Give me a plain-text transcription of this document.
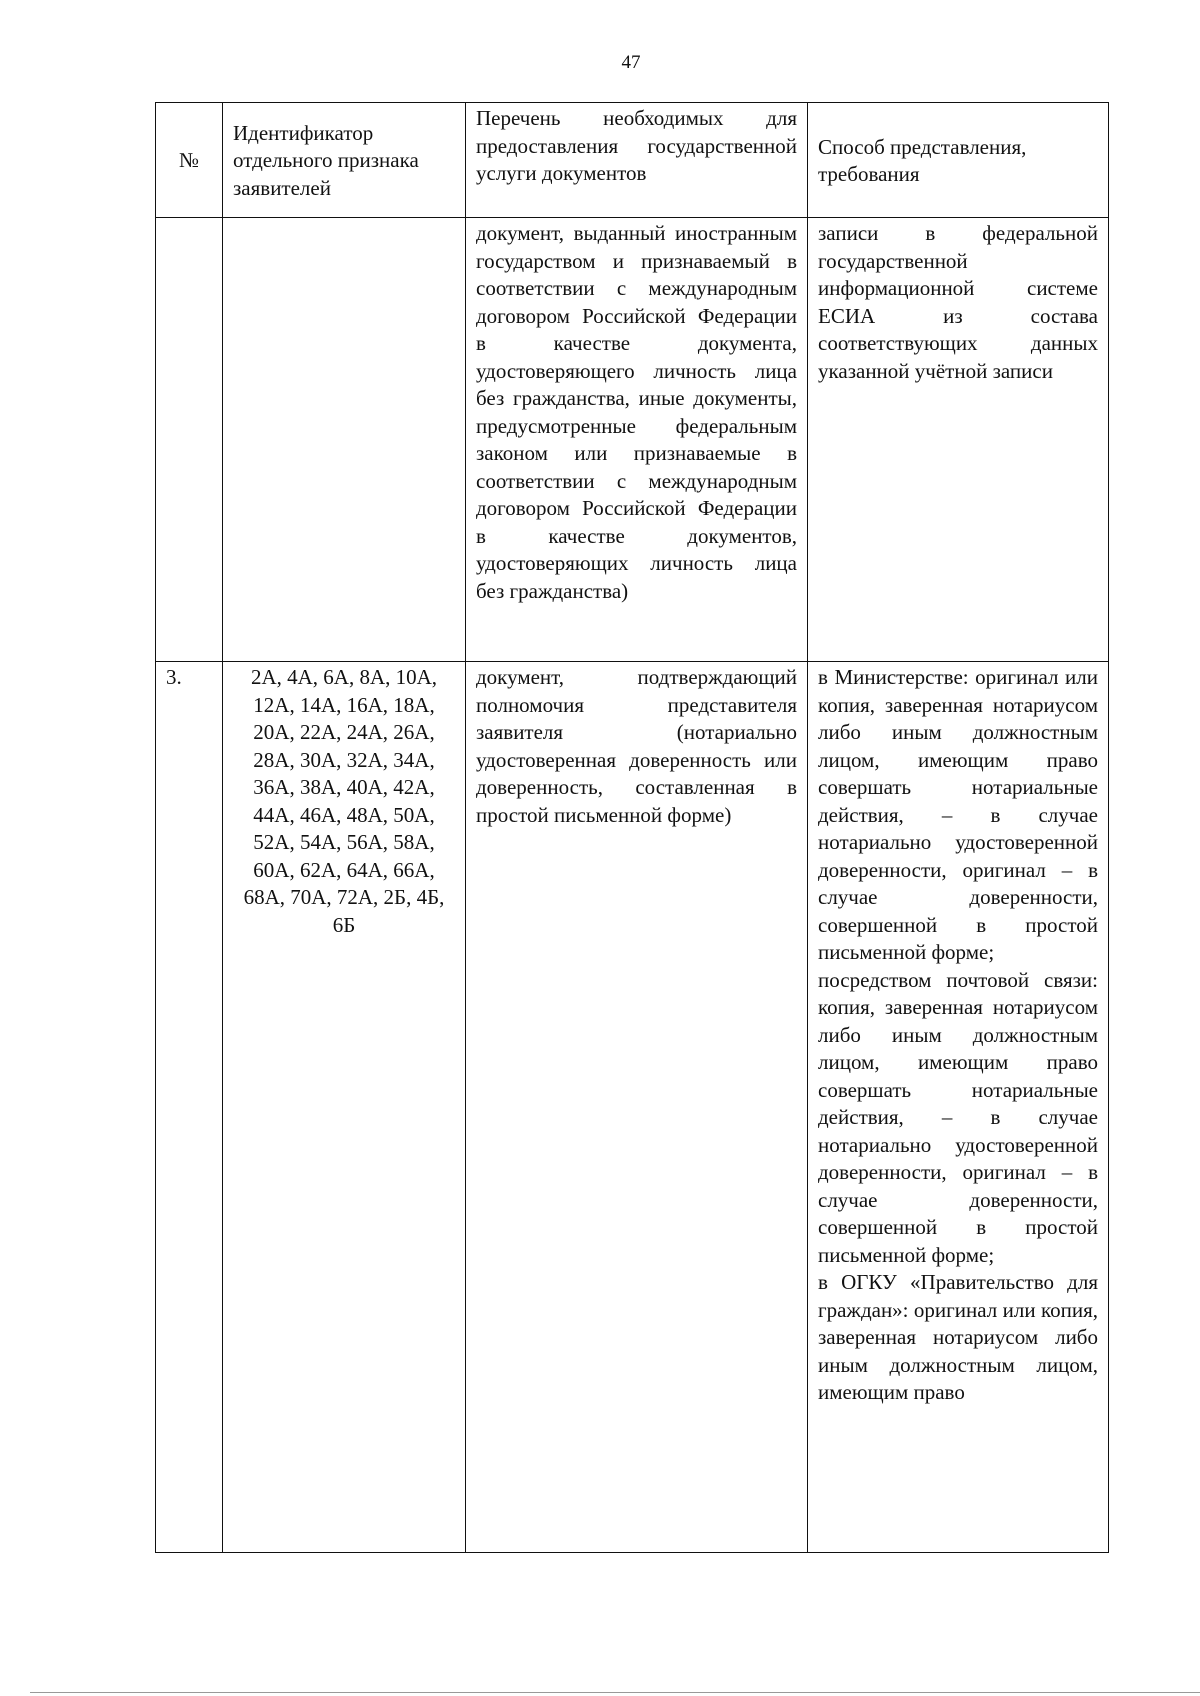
47
№	Идентификатор отдельного признака заявителей	Перечень необходимых для предоставления государственной услуги документов	Способ представления, требования
		документ, выданный иностранным государством и признаваемый в соответствии с международным договором Российской Федерации в качестве документа, удостоверяющего личность лица без гражданства, иные документы, предусмотренные федеральным законом или признаваемые в соответствии с международным договором Российской Федерации в качестве документов, удостоверяющих личность лица без гражданства)	записи в федеральной государственной информационной системе ЕСИА из состава соответствующих данных указанной учётной записи
3.	2А, 4А, 6А, 8А, 10А, 12А, 14А, 16А, 18А, 20А, 22А, 24А, 26А, 28А, 30А, 32А, 34А, 36А, 38А, 40А, 42А, 44А, 46А, 48А, 50А, 52А, 54А, 56А, 58А, 60А, 62А, 64А, 66А, 68А, 70А, 72А, 2Б, 4Б, 6Б	документ, подтверждающий полномочия представителя заявителя (нотариально удостоверенная доверенность или доверенность, составленная в простой письменной форме)	в Министерстве: оригинал или копия, заверенная нотариусом либо иным должностным лицом, имеющим право совершать нотариальные действия, – в случае нотариально удостоверенной доверенности, оригинал – в случае доверенности, совершенной в простой письменной форме;
посредством почтовой связи: копия, заверенная нотариусом либо иным должностным лицом, имеющим право совершать нотариальные действия, – в случае нотариально удостоверенной доверенности, оригинал – в случае доверенности, совершенной в простой письменной форме;
в ОГКУ «Правительство для граждан»: оригинал или копия, заверенная нотариусом либо иным должностным лицом, имеющим право
